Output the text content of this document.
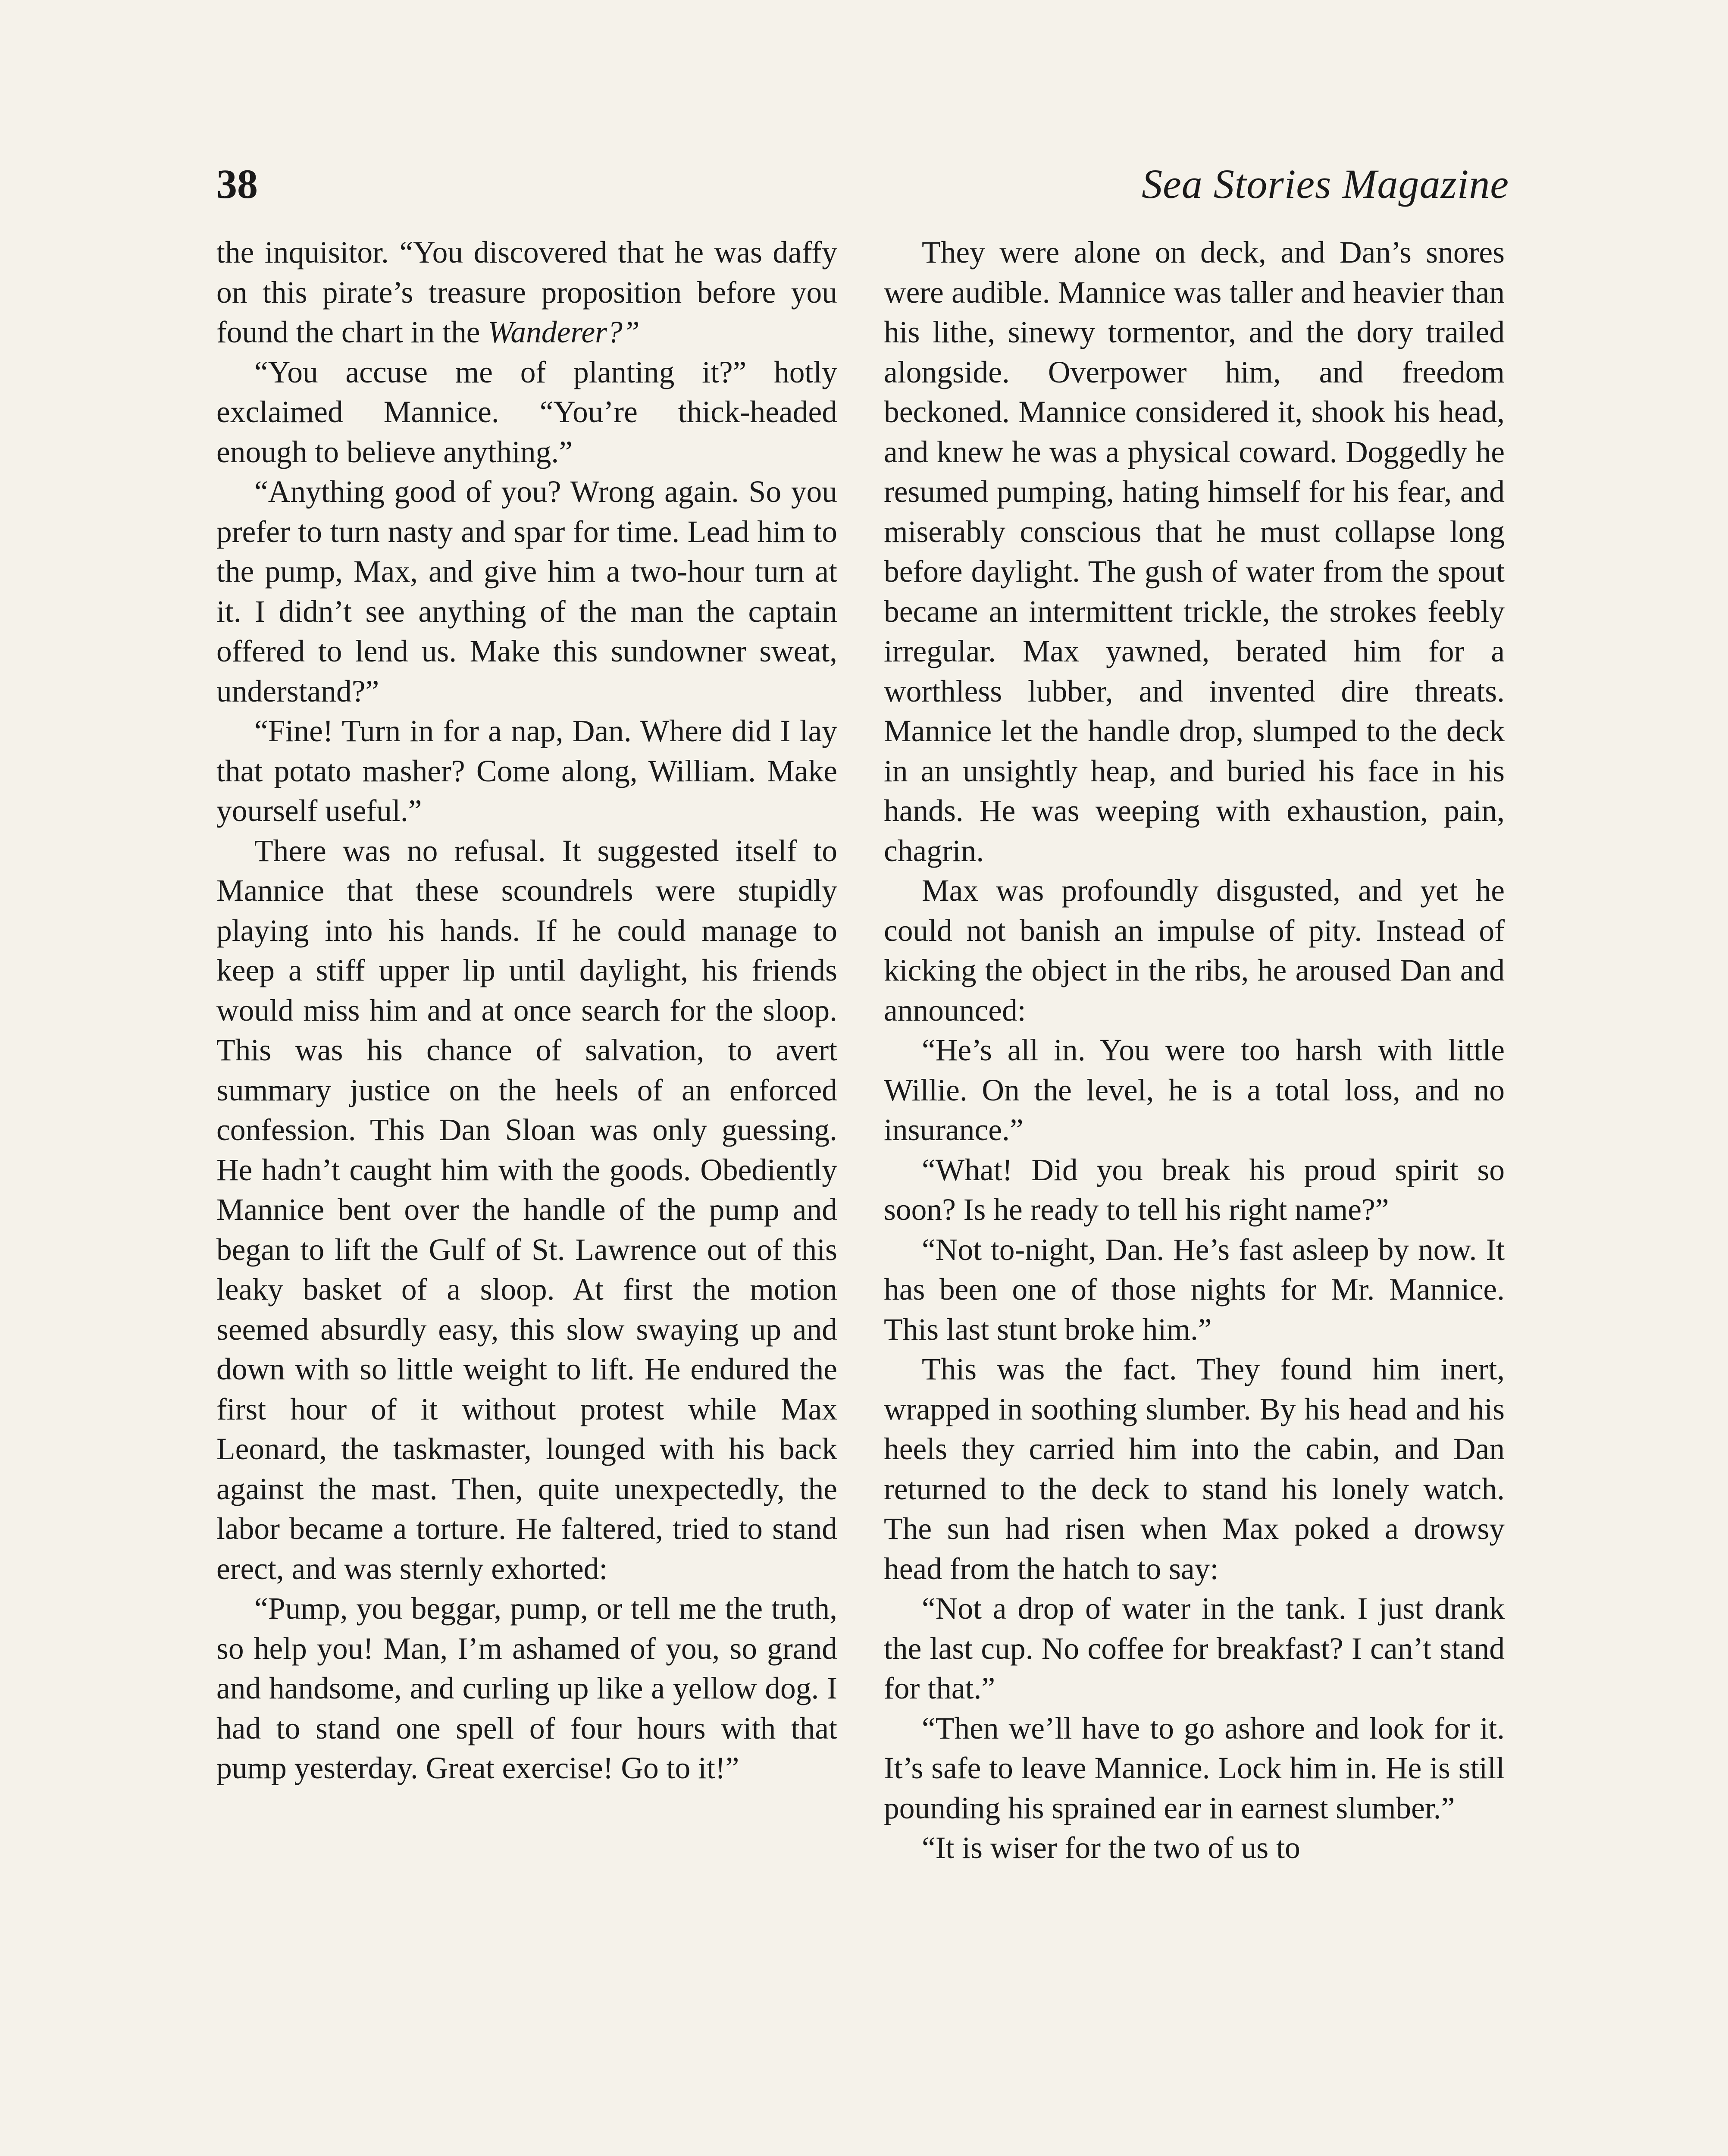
38	Sea Stories Magazine

the inquisitor. “You discovered that he was daffy on this pirate’s treasure proposition before you found the chart in the Wanderer?”

“You accuse me of planting it?” hotly exclaimed Mannice. “You’re thick-headed enough to believe anything.”

“Anything good of you? Wrong again. So you prefer to turn nasty and spar for time. Lead him to the pump, Max, and give him a two-hour turn at it. I didn’t see anything of the man the captain offered to lend us. Make this sundowner sweat, understand?”

“Fine! Turn in for a nap, Dan. Where did I lay that potato masher? Come along, William. Make yourself useful.”

There was no refusal. It suggested itself to Mannice that these scoundrels were stupidly playing into his hands. If he could manage to keep a stiff upper lip until daylight, his friends would miss him and at once search for the sloop. This was his chance of salvation, to avert summary justice on the heels of an enforced confession. This Dan Sloan was only guessing. He hadn’t caught him with the goods. Obediently Mannice bent over the handle of the pump and began to lift the Gulf of St. Lawrence out of this leaky basket of a sloop. At first the motion seemed absurdly easy, this slow swaying up and down with so little weight to lift. He endured the first hour of it without protest while Max Leonard, the taskmaster, lounged with his back against the mast. Then, quite unexpectedly, the labor became a torture. He faltered, tried to stand erect, and was sternly exhorted:

“Pump, you beggar, pump, or tell me the truth, so help you! Man, I’m ashamed of you, so grand and handsome, and curling up like a yellow dog. I had to stand one spell of four hours with that pump yesterday. Great exercise! Go to it!”

They were alone on deck, and Dan’s snores were audible. Mannice was taller and heavier than his lithe, sinewy tormentor, and the dory trailed alongside. Overpower him, and freedom beckoned. Mannice considered it, shook his head, and knew he was a physical coward. Doggedly he resumed pumping, hating himself for his fear, and miserably conscious that he must collapse long before daylight. The gush of water from the spout became an intermittent trickle, the strokes feebly irregular. Max yawned, berated him for a worthless lubber, and invented dire threats. Mannice let the handle drop, slumped to the deck in an unsightly heap, and buried his face in his hands. He was weeping with exhaustion, pain, chagrin.

Max was profoundly disgusted, and yet he could not banish an impulse of pity. Instead of kicking the object in the ribs, he aroused Dan and announced:

“He’s all in. You were too harsh with little Willie. On the level, he is a total loss, and no insurance.”

“What! Did you break his proud spirit so soon? Is he ready to tell his right name?”

“Not to-night, Dan. He’s fast asleep by now. It has been one of those nights for Mr. Mannice. This last stunt broke him.”

This was the fact. They found him inert, wrapped in soothing slumber. By his head and his heels they carried him into the cabin, and Dan returned to the deck to stand his lonely watch. The sun had risen when Max poked a drowsy head from the hatch to say:

“Not a drop of water in the tank. I just drank the last cup. No coffee for breakfast? I can’t stand for that.”

“Then we’ll have to go ashore and look for it. It’s safe to leave Mannice. Lock him in. He is still pounding his sprained ear in earnest slumber.”

“It is wiser for the two of us to
